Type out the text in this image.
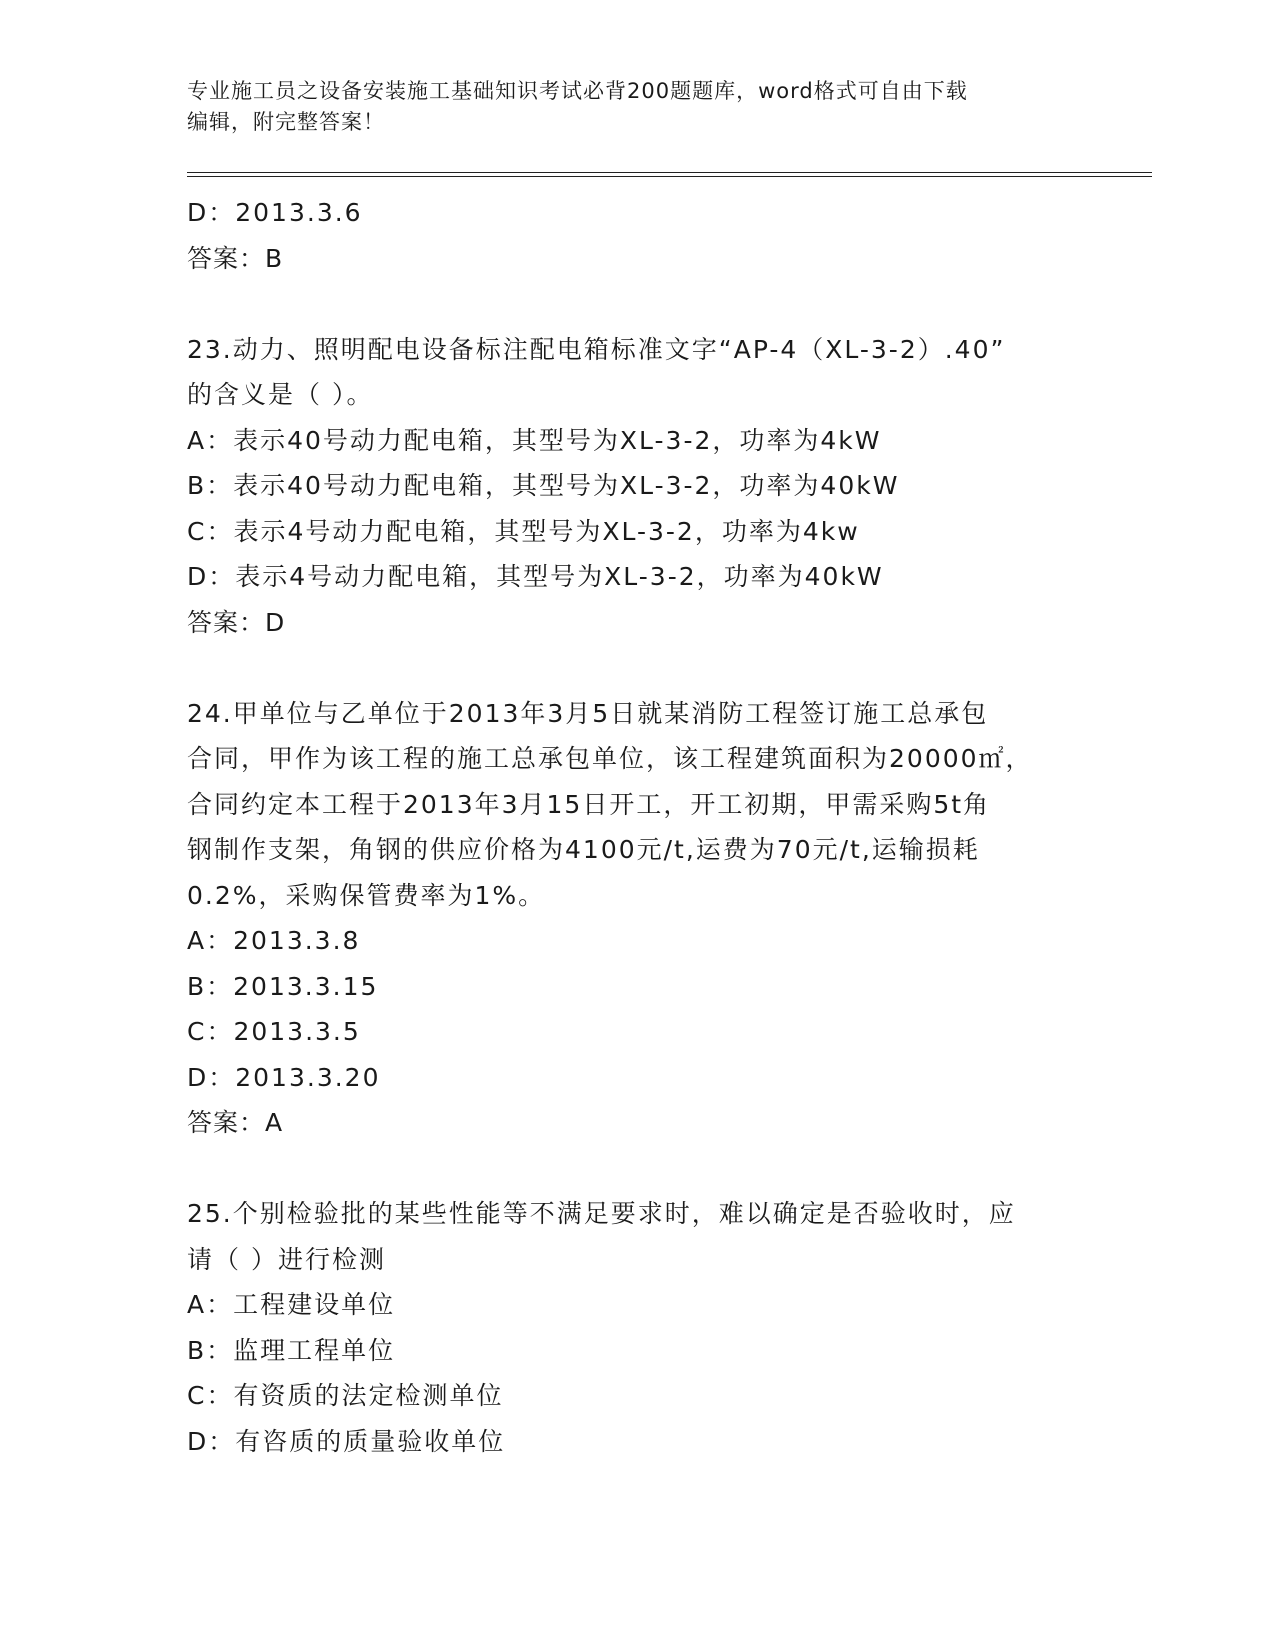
专业施工员之设备安装施工基础知识考试必背200题题库，word格式可自由下载
编辑，附完整答案！
D：2013.3.6
答案：B
23.动力、照明配电设备标注配电箱标准文字“AP-4（XL-3-2）.40”
的含义是（ ）。
A：表示40号动力配电箱，其型号为XL-3-2，功率为4kW
B：表示40号动力配电箱，其型号为XL-3-2，功率为40kW
C：表示4号动力配电箱，其型号为XL-3-2，功率为4kw
D：表示4号动力配电箱，其型号为XL-3-2，功率为40kW
答案：D
24.甲单位与乙单位于2013年3月5日就某消防工程签订施工总承包
合同，甲作为该工程的施工总承包单位，该工程建筑面积为20000㎡，
合同约定本工程于2013年3月15日开工，开工初期，甲需采购5t角
钢制作支架，角钢的供应价格为4100元/t,运费为70元/t,运输损耗
0.2%，采购保管费率为1%。
A：2013.3.8
B：2013.3.15
C：2013.3.5
D：2013.3.20
答案：A
25.个别检验批的某些性能等不满足要求时，难以确定是否验收时，应
请（ ）进行检测
A：工程建设单位
B：监理工程单位
C：有资质的法定检测单位
D：有咨质的质量验收单位
